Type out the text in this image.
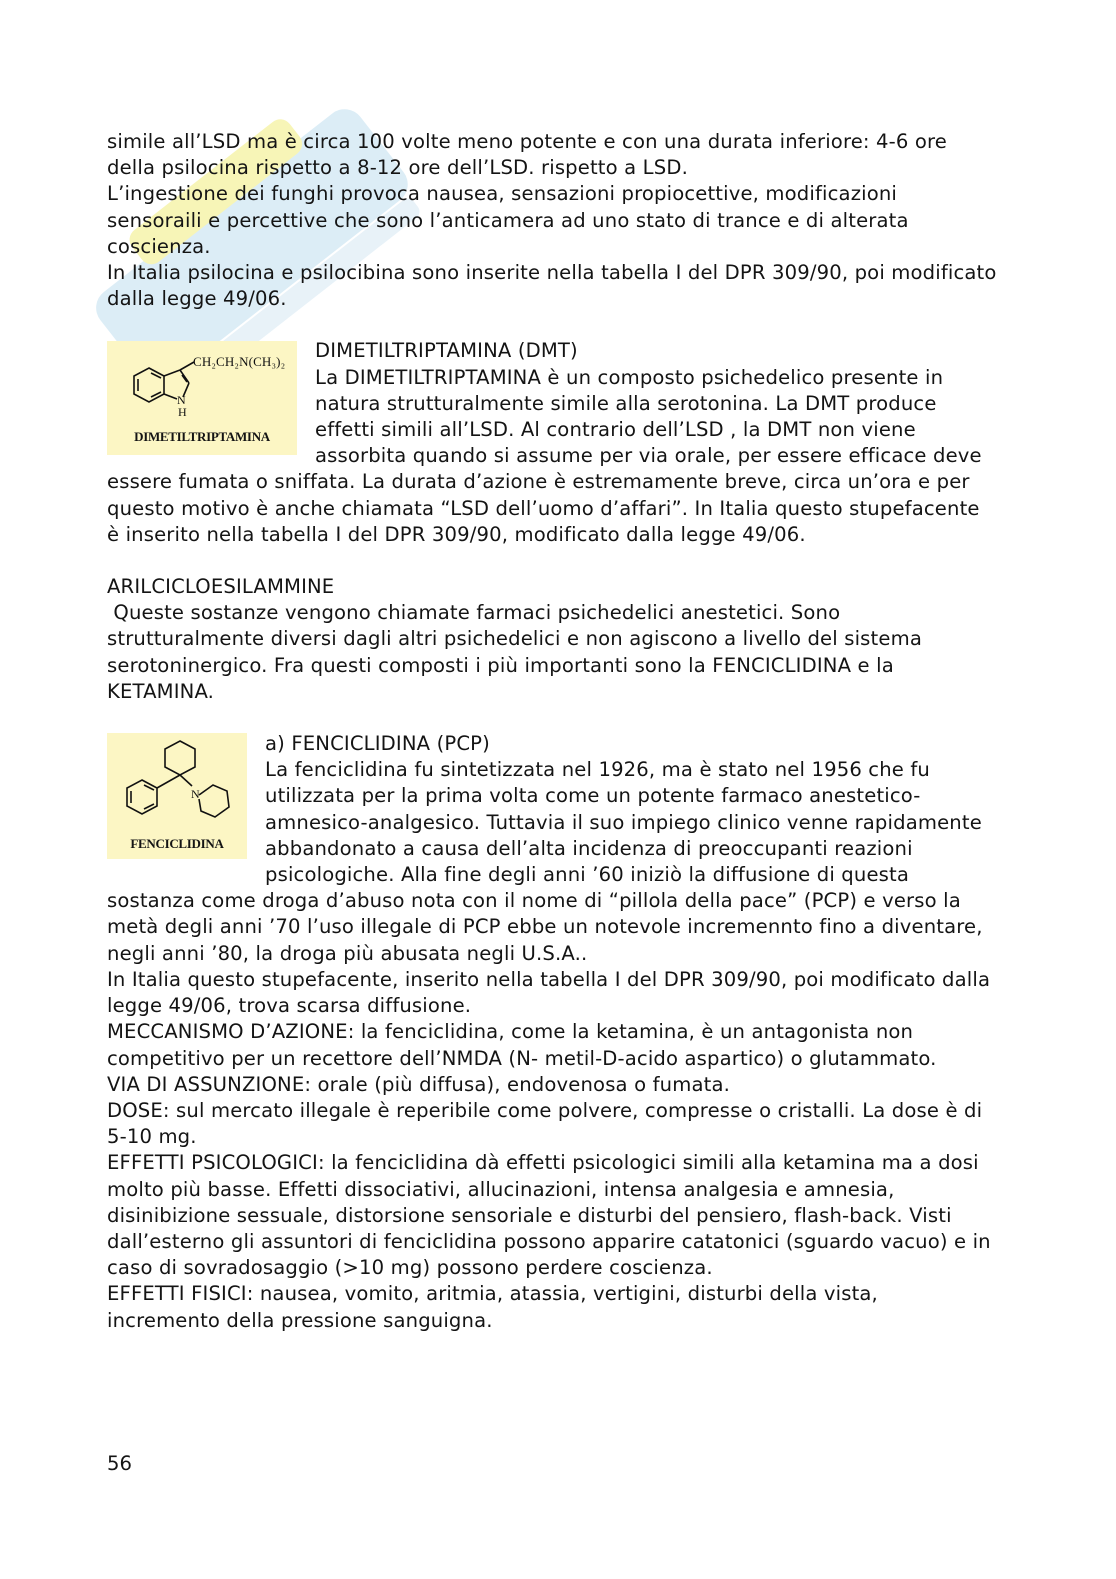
simile all’LSD ma è circa 100 volte meno potente e con una durata inferiore: 4-6 ore della psilocina rispetto a 8-12 ore dell’LSD. rispetto a LSD.

L’ingestione dei funghi provoca nausea, sensazioni propiocettive, modificazioni sensoraili e percettive che sono l’anticamera ad uno stato di trance e di alterata coscienza.

In Italia psilocina e psilocibina sono inserite nella tabella I del DPR 309/90, poi modificato dalla legge 49/06.

CH₂CH₂N(CH₃)₂
N
H
DIMETILTRIPTAMINA

DIMETILTRIPTAMINA (DMT)

La DIMETILTRIPTAMINA è un composto psichedelico presente in natura strutturalmente simile alla serotonina. La DMT produce effetti simili all’LSD. Al contrario dell’LSD , la DMT non viene assorbita quando si assume per via orale, per essere efficace deve essere fumata o sniffata. La durata d’azione è estremamente breve, circa un’ora e per questo motivo è anche chiamata “LSD dell’uomo d’affari”. In Italia questo stupefacente è inserito nella tabella I del DPR 309/90, modificato dalla legge 49/06.

ARILCICLOESILAMMINE

Queste sostanze vengono chiamate farmaci psichedelici anestetici. Sono strutturalmente diversi dagli altri psichedelici e non agiscono a livello del sistema serotoninergico. Fra questi composti i più importanti sono la FENCICLIDINA e la KETAMINA.

N
FENCICLIDINA

a) FENCICLIDINA (PCP)

La fenciclidina fu sintetizzata nel 1926, ma è stato nel 1956 che fu utilizzata per la prima volta come un potente farmaco anestetico- amnesico-analgesico. Tuttavia il suo impiego clinico venne rapidamente abbandonato a causa dell’alta incidenza di preoccupanti reazioni psicologiche. Alla fine degli anni ’60 iniziò la diffusione di questa sostanza come droga d’abuso nota con il nome di “pillola della pace” (PCP) e verso la metà degli anni ’70 l’uso illegale di PCP ebbe un notevole incremennto fino a diventare, negli anni ’80, la droga più abusata negli U.S.A..

In Italia questo stupefacente, inserito nella tabella I del DPR 309/90, poi modificato dalla legge 49/06, trova scarsa diffusione.

MECCANISMO D’AZIONE: la fenciclidina, come la ketamina, è un antagonista non competitivo per un recettore dell’NMDA (N- metil-D-acido aspartico) o glutammato.

VIA DI ASSUNZIONE: orale (più diffusa), endovenosa o fumata.

DOSE: sul mercato illegale è reperibile come polvere, compresse o cristalli. La dose è di 5-10 mg.

EFFETTI PSICOLOGICI: la fenciclidina dà effetti psicologici simili alla ketamina ma a dosi molto più basse. Effetti dissociativi, allucinazioni, intensa analgesia e amnesia, disinibizione sessuale, distorsione sensoriale e disturbi del pensiero, flash-back. Visti dall’esterno gli assuntori di fenciclidina possono apparire catatonici (sguardo vacuo) e in caso di sovradosaggio (>10 mg) possono perdere coscienza.

EFFETTI FISICI: nausea, vomito, aritmia, atassia, vertigini, disturbi della vista, incremento della pressione sanguigna.

56
